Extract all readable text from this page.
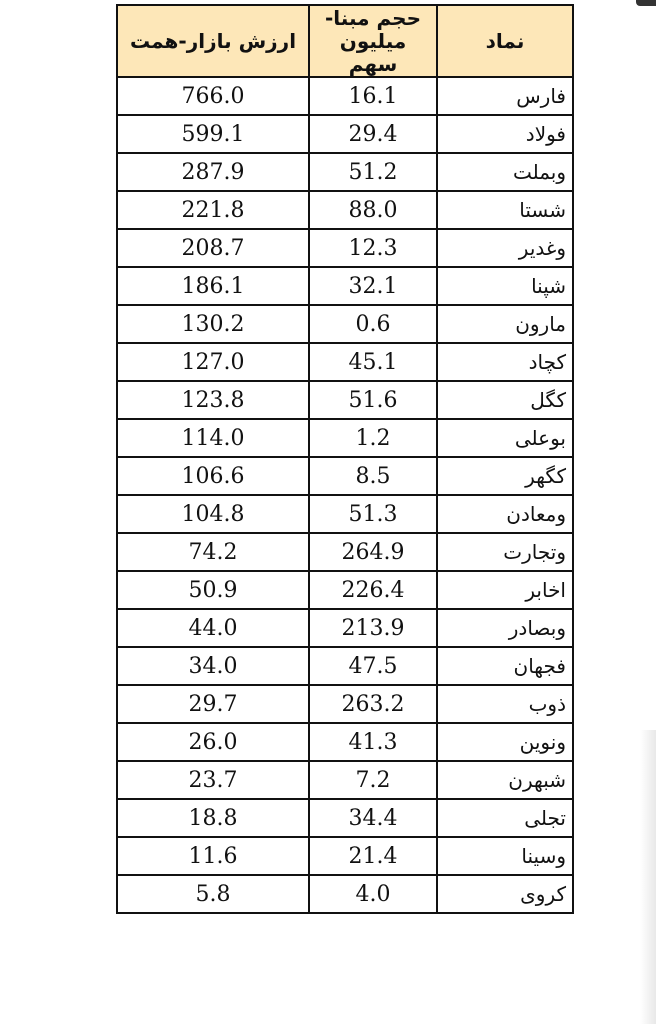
ارزش بازار-همت	حجم مبنا-میلیون سهم	نماد
766.0	16.1	فارس
599.1	29.4	فولاد
287.9	51.2	وبملت
221.8	88.0	شستا
208.7	12.3	وغدیر
186.1	32.1	شپنا
130.2	0.6	مارون
127.0	45.1	کچاد
123.8	51.6	کگل
114.0	1.2	بوعلی
106.6	8.5	کگهر
104.8	51.3	ومعادن
74.2	264.9	وتجارت
50.9	226.4	اخابر
44.0	213.9	وبصادر
34.0	47.5	فجهان
29.7	263.2	ذوب
26.0	41.3	ونوین
23.7	7.2	شبهرن
18.8	34.4	تجلی
11.6	21.4	وسینا
5.8	4.0	کروی
